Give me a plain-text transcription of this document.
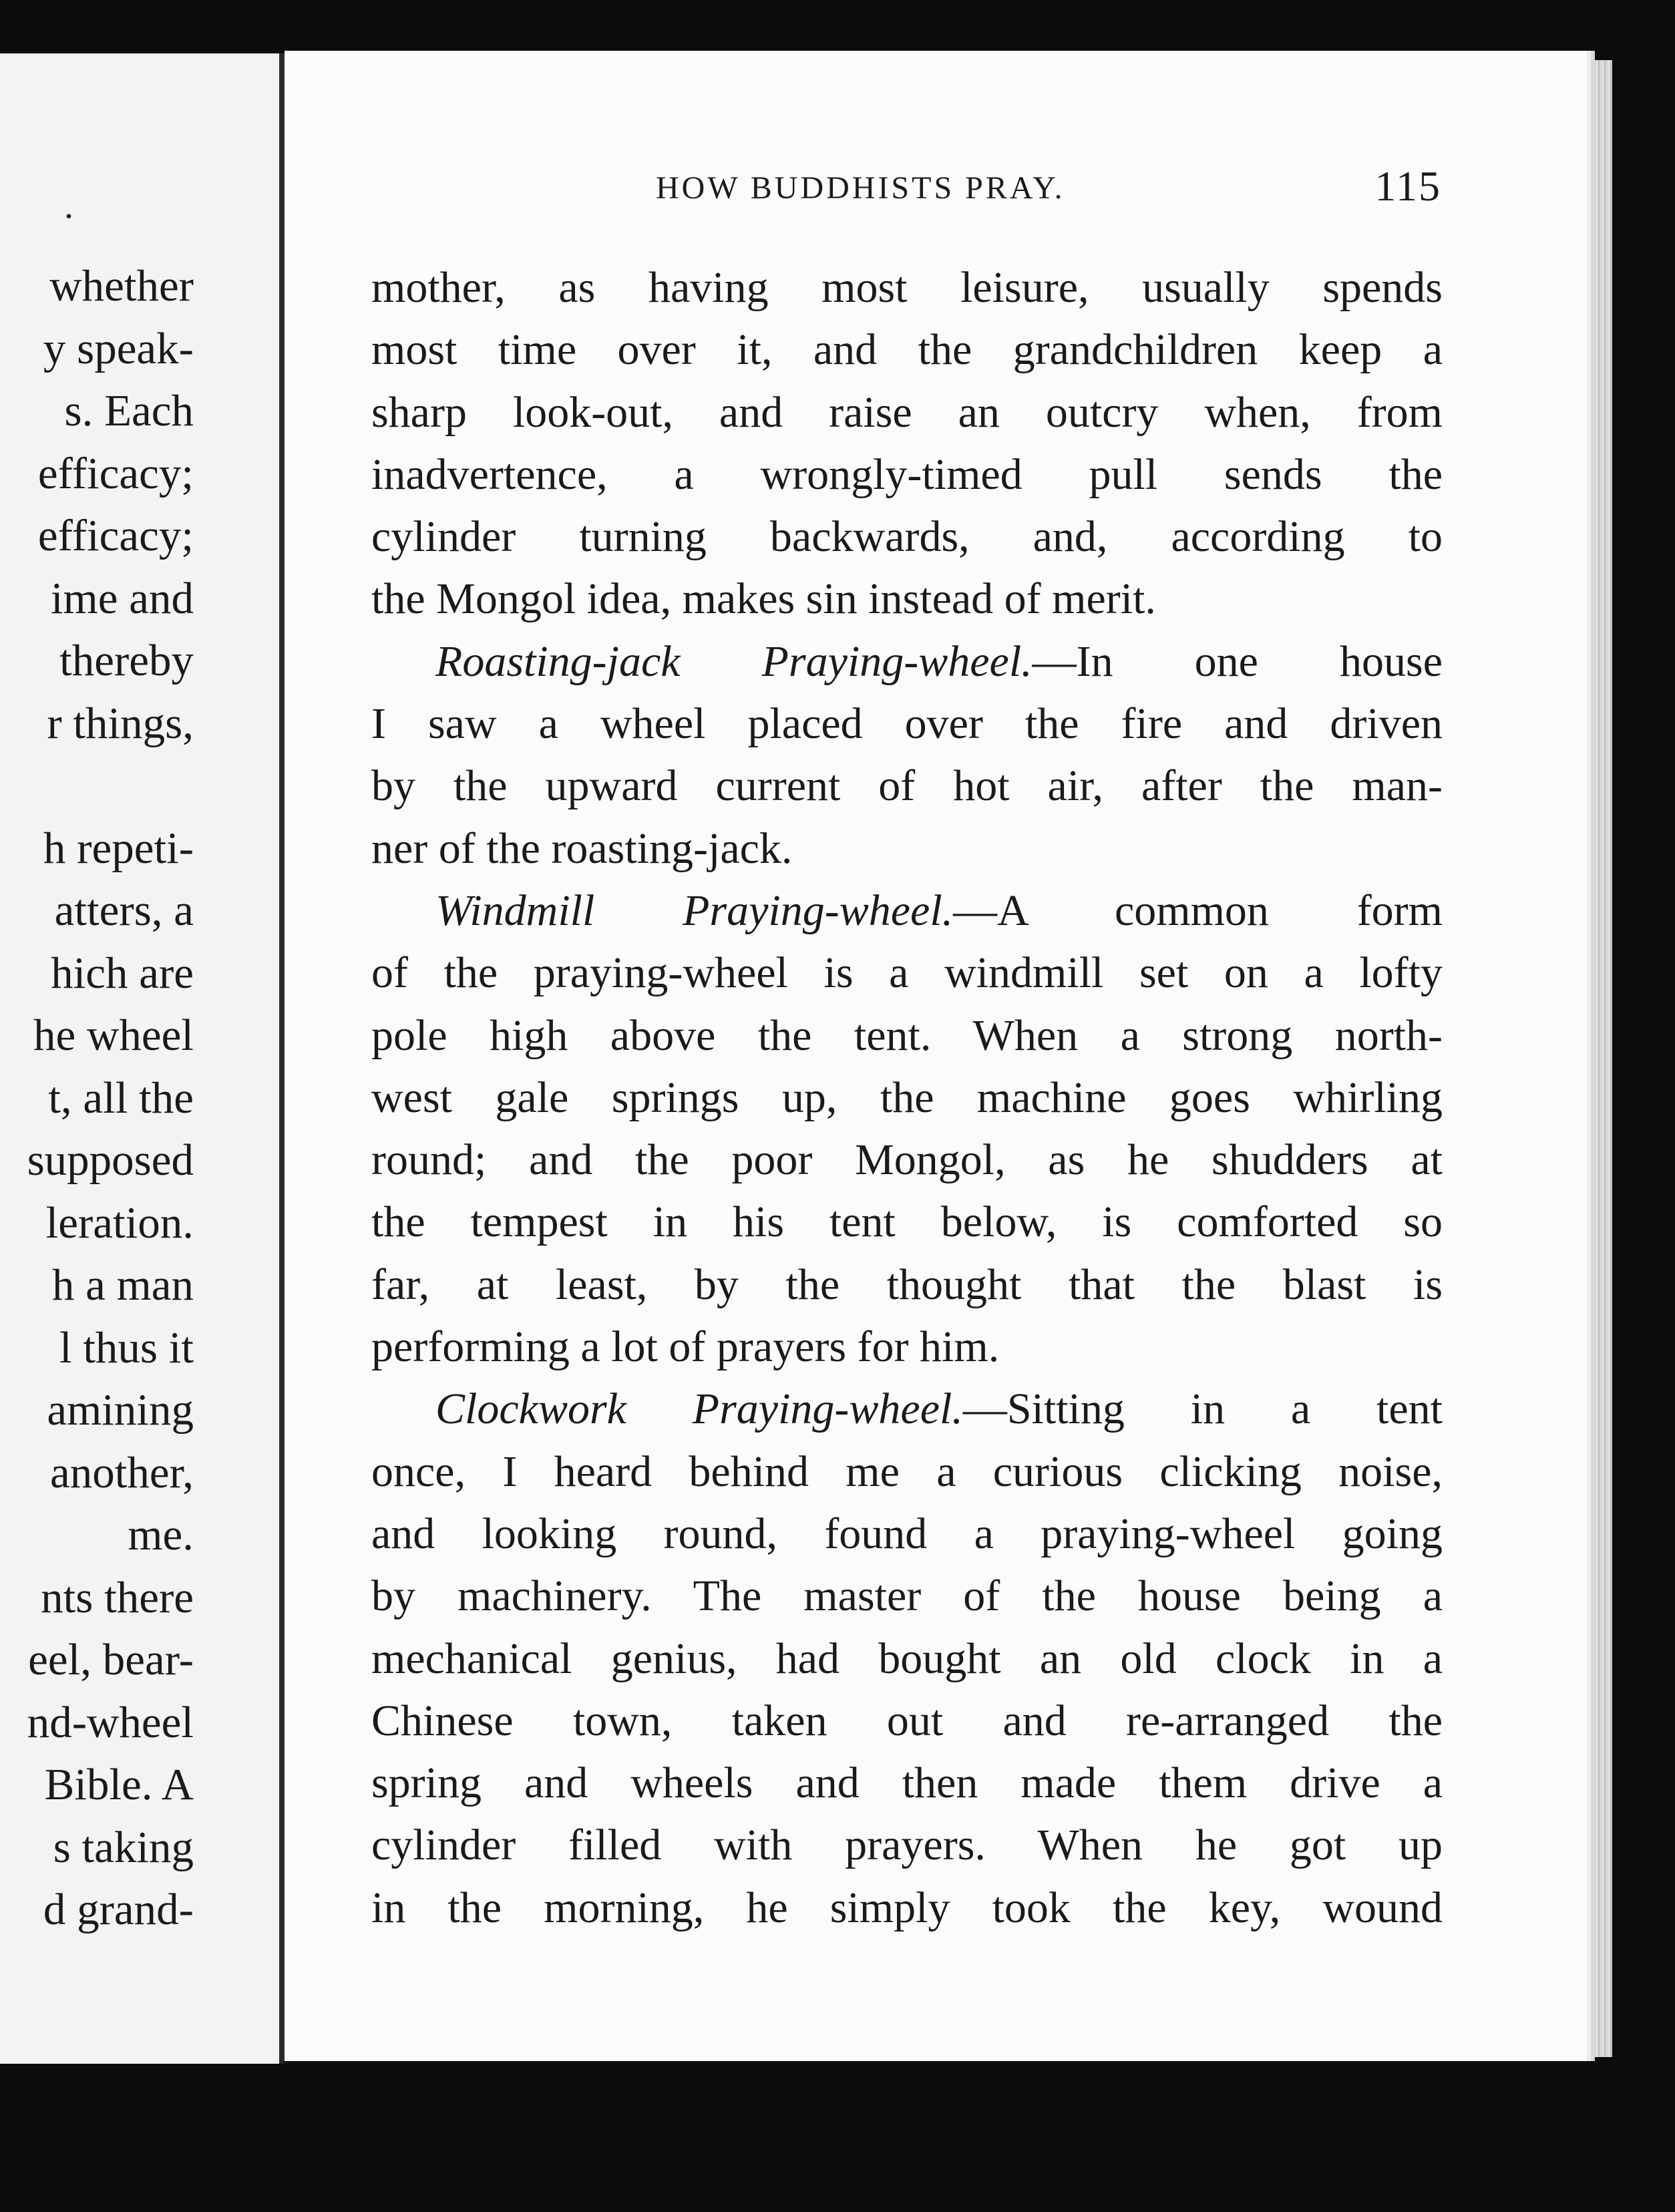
.
whether
y speak-
s. Each
efficacy;
efficacy;
ime and
thereby
r things,
h repeti-
atters, a
hich are
he wheel
t, all the
supposed
leration.
h a man
l thus it
amining
another,
me.
nts there
eel, bear-
nd-wheel
Bible. A
s taking
d grand-
HOW BUDDHISTS PRAY.	115
mother, as having most leisure, usually spends
most time over it, and the grandchildren keep a
sharp look-out, and raise an outcry when, from
inadvertence, a wrongly-timed pull sends the
cylinder turning backwards, and, according to
the Mongol idea, makes sin instead of merit.
Roasting-jack Praying-wheel.—In one house
I saw a wheel placed over the fire and driven
by the upward current of hot air, after the man-
ner of the roasting-jack.
Windmill Praying-wheel.—A common form
of the praying-wheel is a windmill set on a lofty
pole high above the tent. When a strong north-
west gale springs up, the machine goes whirling
round; and the poor Mongol, as he shudders at
the tempest in his tent below, is comforted so
far, at least, by the thought that the blast is
performing a lot of prayers for him.
Clockwork Praying-wheel.—Sitting in a tent
once, I heard behind me a curious clicking noise,
and looking round, found a praying-wheel going
by machinery. The master of the house being a
mechanical genius, had bought an old clock in a
Chinese town, taken out and re-arranged the
spring and wheels and then made them drive a
cylinder filled with prayers. When he got up
in the morning, he simply took the key, wound
